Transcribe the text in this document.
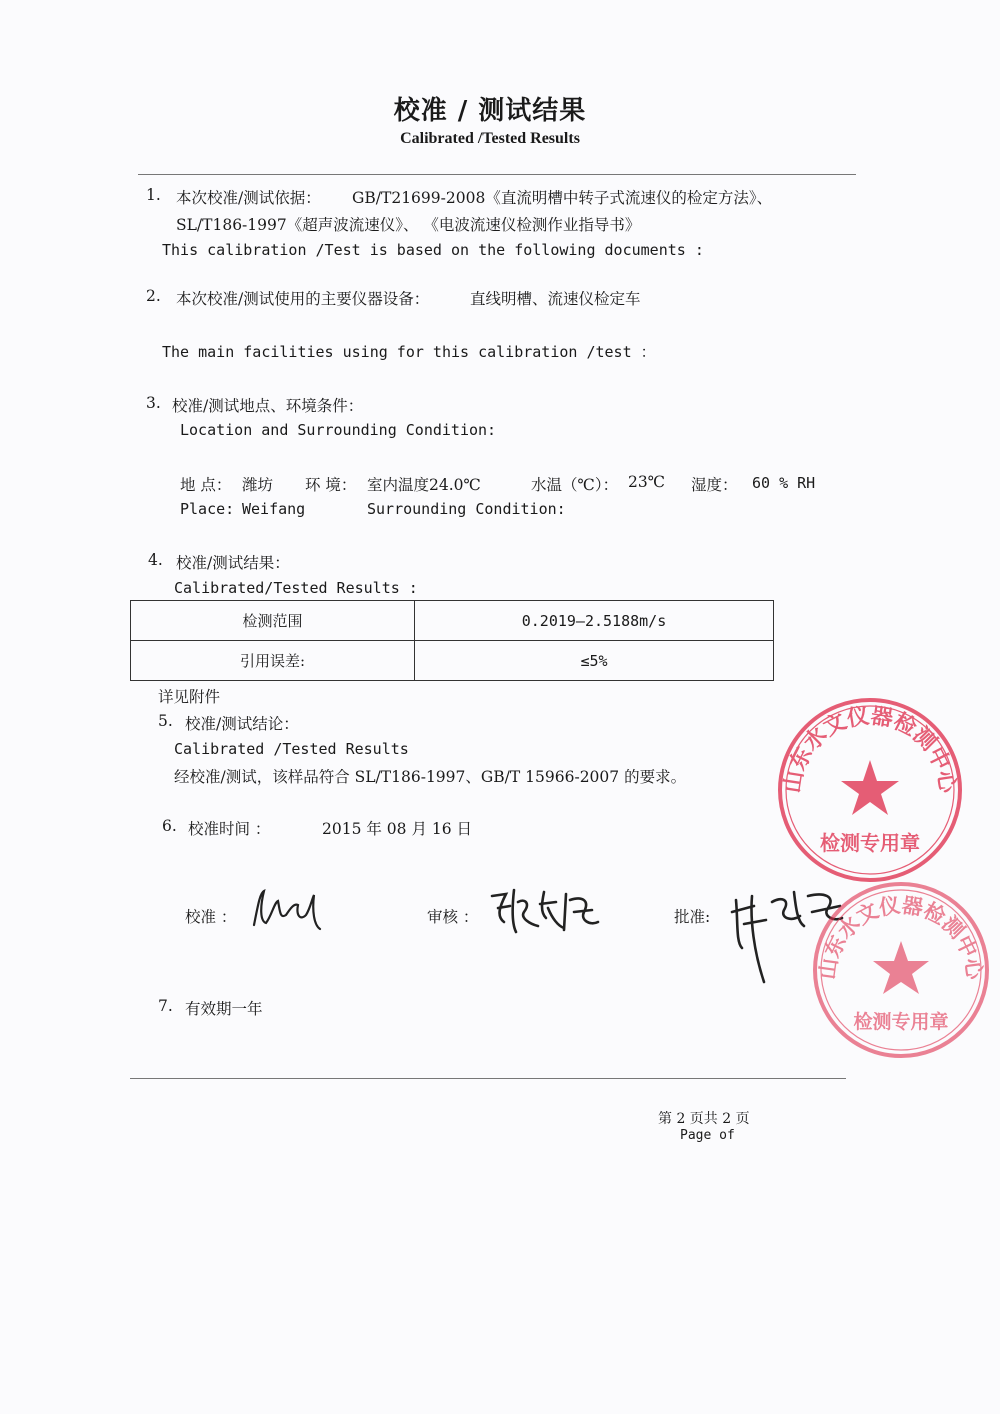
校准 / 测试结果
Calibrated /Tested Results
1. 本次校准/测试依据： GB/T21699-2008《直流明槽中转子式流速仪的检定方法》、
SL/T186-1997《超声波流速仪》、 《电波流速仪检测作业指导书》
This calibration /Test is based on the following documents :
2. 本次校准/测试使用的主要仪器设备：	直线明槽、流速仪检定车
The main facilities using for this calibration /test ：
3. 校准/测试地点、环境条件：
Location and Surrounding Condition:
地 点： 潍坊 环 境： 室内温度24.0℃	水温（℃）： 23℃ 湿度： 60 % RH
Place: Weifang	Surrounding Condition:
4. 校准/测试结果：
Calibrated/Tested Results :
检测范围	0.2019—2.5188m/s
引用误差:	≤5%
详见附件
5. 校准/测试结论：
Calibrated /Tested Results
经校准/测试，该样品符合 SL/T186-1997、GB/T 15966-2007 的要求。
6. 校准时间 ：	2015 年 08 月 16 日
校准 ：	审核 ：	批准:
7. 有效期一年
第 2 页共 2 页
Page of
山东水文仪器检测中心
检测专用章
山东水文仪器检测中心
检测专用章
